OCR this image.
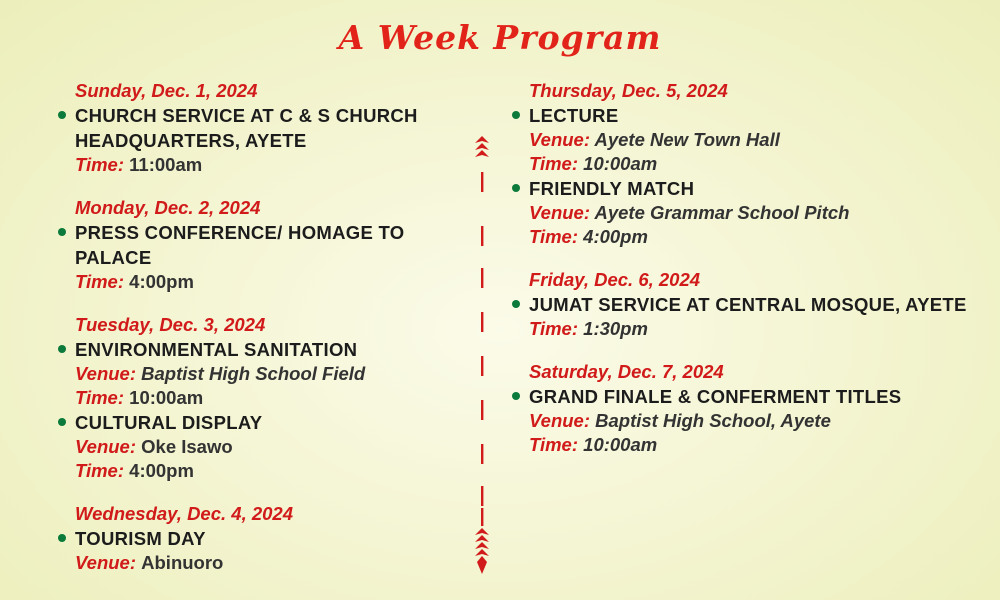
A Week Program
Sunday, Dec. 1, 2024
CHURCH SERVICE AT C & S CHURCH HEADQUARTERS, AYETE
Time: 11:00am
Monday, Dec. 2, 2024
PRESS CONFERENCE/ HOMAGE TO PALACE
Time: 4:00pm
Tuesday, Dec. 3, 2024
ENVIRONMENTAL SANITATION
Venue: Baptist High School Field
Time: 10:00am
CULTURAL DISPLAY
Venue: Oke Isawo
Time: 4:00pm
Wednesday, Dec. 4, 2024
TOURISM DAY
Venue: Abinuoro
Thursday, Dec. 5, 2024
LECTURE
Venue: Ayete New Town Hall
Time: 10:00am
FRIENDLY MATCH
Venue: Ayete Grammar School Pitch
Time: 4:00pm
Friday, Dec. 6, 2024
JUMAT SERVICE AT CENTRAL MOSQUE, AYETE
Time: 1:30pm
Saturday, Dec. 7, 2024
GRAND FINALE & CONFERMENT TITLES
Venue: Baptist High School, Ayete
Time: 10:00am
